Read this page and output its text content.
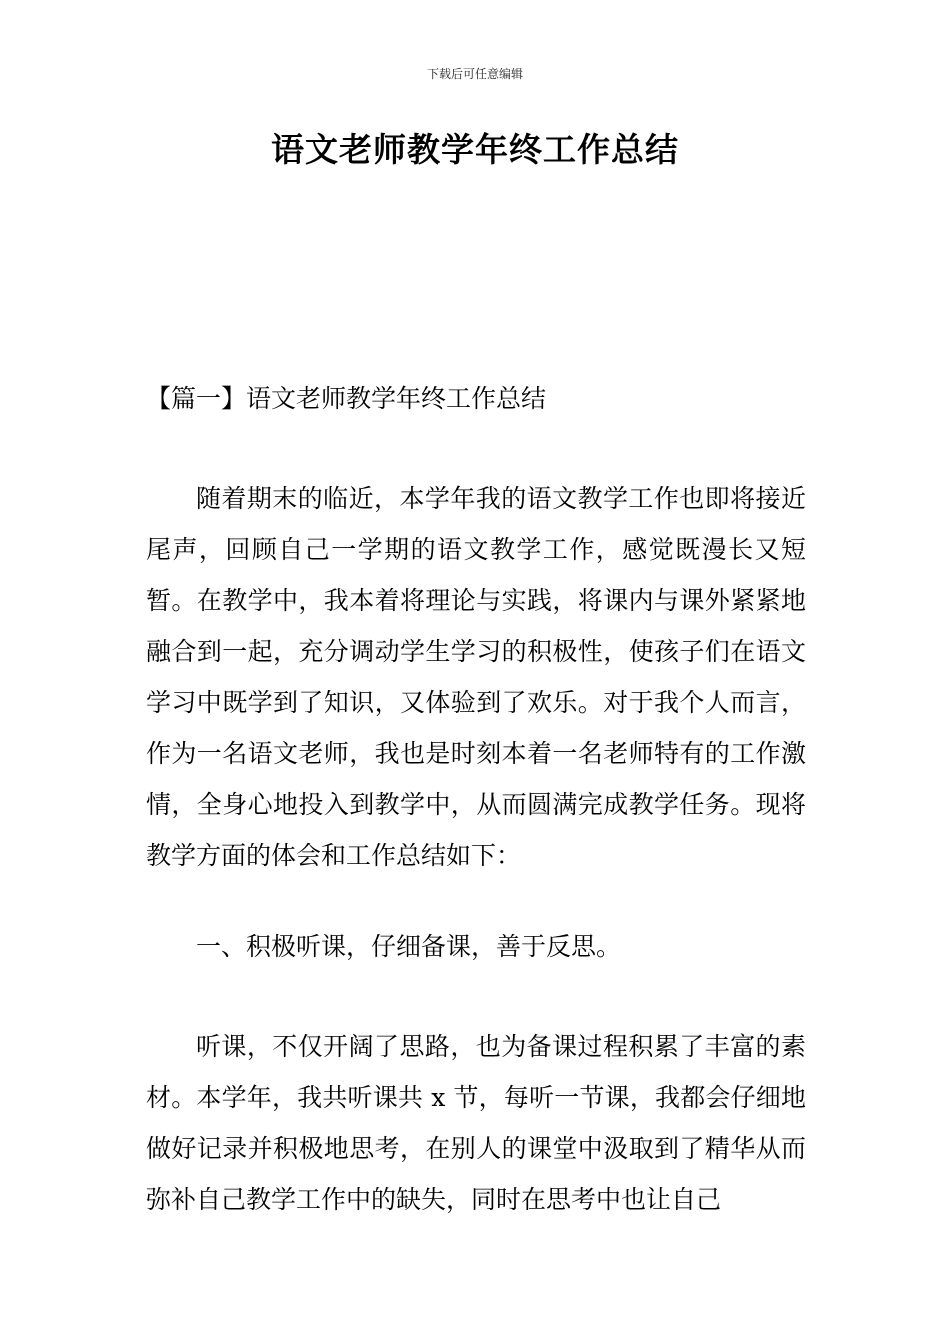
下载后可任意编辑
语文老师教学年终工作总结
【篇一】语文老师教学年终工作总结

随着期末的临近，本学年我的语文教学工作也即将接近尾声，回顾自己一学期的语文教学工作，感觉既漫长又短暂。在教学中，我本着将理论与实践，将课内与课外紧紧地融合到一起，充分调动学生学习的积极性，使孩子们在语文学习中既学到了知识，又体验到了欢乐。对于我个人而言，作为一名语文老师，我也是时刻本着一名老师特有的工作激情，全身心地投入到教学中，从而圆满完成教学任务。现将教学方面的体会和工作总结如下：

一、积极听课，仔细备课，善于反思。

听课，不仅开阔了思路，也为备课过程积累了丰富的素材。本学年，我共听课共 x 节，每听一节课，我都会仔细地做好记录并积极地思考，在别人的课堂中汲取到了精华从而弥补自己教学工作中的缺失，同时在思考中也让自己
